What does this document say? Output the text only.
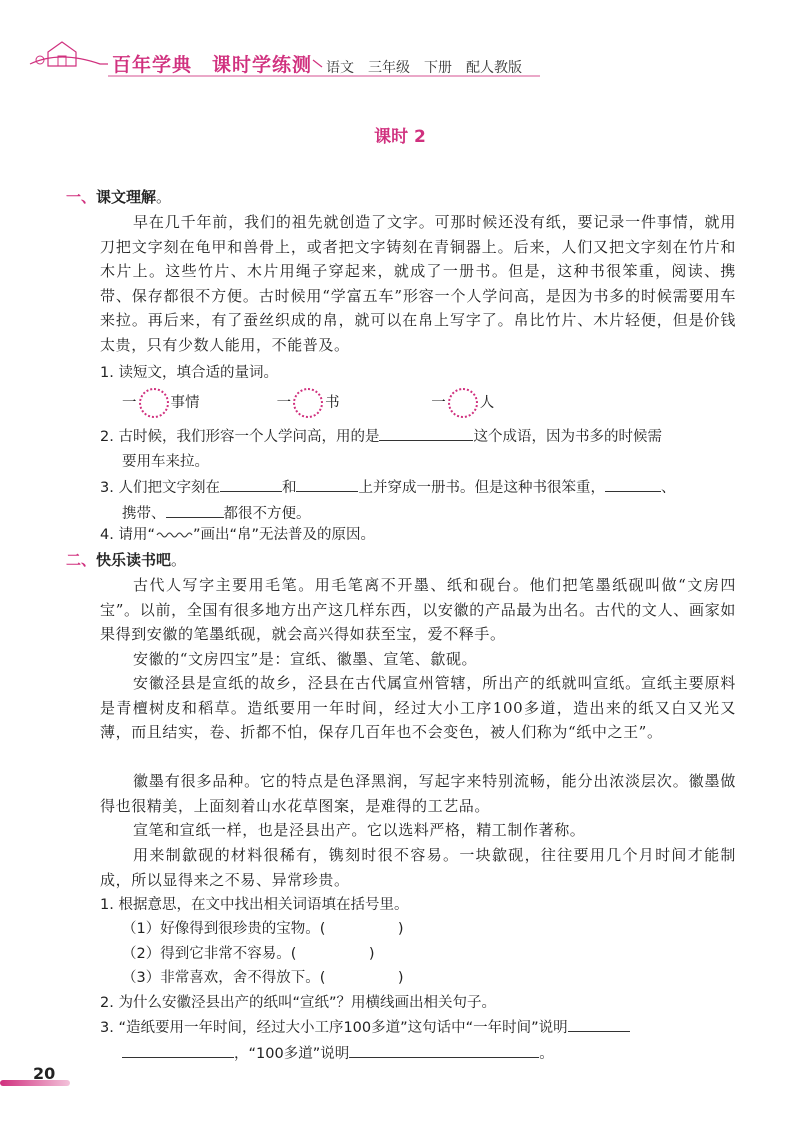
百年学典　课时学练测 语文　三年级　下册　配人教版
课时 2
一、课文理解。
早在几千年前，我们的祖先就创造了文字。可那时候还没有纸，要记录一件事情，就用刀把文字刻在龟甲和兽骨上，或者把文字铸刻在青铜器上。后来，人们又把文字刻在竹片和木片上。这些竹片、木片用绳子穿起来，就成了一册书。但是，这种书很笨重，阅读、携带、保存都很不方便。古时候用“学富五车”形容一个人学问高，是因为书多的时候需要用车来拉。再后来，有了蚕丝织成的帛，就可以在帛上写字了。帛比竹片、木片轻便，但是价钱太贵，只有少数人能用，不能普及。
1. 读短文，填合适的量词。
一 事情	一 书	一 人
2. 古时候，我们形容一个人学问高，用的是	这个成语，因为书多的时候需
要用车来拉。
3. 人们把文字刻在	和	上并穿成一册书。但是这种书很笨重，	、
携带、	都很不方便。
4. 请用“	”画出“帛”无法普及的原因。
二、快乐读书吧。
古代人写字主要用毛笔。用毛笔离不开墨、纸和砚台。他们把笔墨纸砚叫做“文房四宝”。以前，全国有很多地方出产这几样东西，以安徽的产品最为出名。古代的文人、画家如果得到安徽的笔墨纸砚，就会高兴得如获至宝，爱不释手。
安徽的“文房四宝”是：宣纸、徽墨、宣笔、歙砚。
安徽泾县是宣纸的故乡，泾县在古代属宣州管辖，所出产的纸就叫宣纸。宣纸主要原料是青檀树皮和稻草。造纸要用一年时间，经过大小工序100多道，造出来的纸又白又光又薄，而且结实，卷、折都不怕，保存几百年也不会变色，被人们称为“纸中之王”。
徽墨有很多品种。它的特点是色泽黑润，写起字来特别流畅，能分出浓淡层次。徽墨做得也很精美，上面刻着山水花草图案，是难得的工艺品。
宣笔和宣纸一样，也是泾县出产。它以选料严格，精工制作著称。
用来制歙砚的材料很稀有，镌刻时很不容易。一块歙砚，往往要用几个月时间才能制成，所以显得来之不易、异常珍贵。
1. 根据意思，在文中找出相关词语填在括号里。
（1）好像得到很珍贵的宝物。(　　　　　)
（2）得到它非常不容易。(　　　　　)
（3）非常喜欢，舍不得放下。(　　　　　)
2. 为什么安徽泾县出产的纸叫“宣纸”？用横线画出相关句子。
3. “造纸要用一年时间，经过大小工序100多道”这句话中“一年时间”说明
，“100多道”说明	。
20
